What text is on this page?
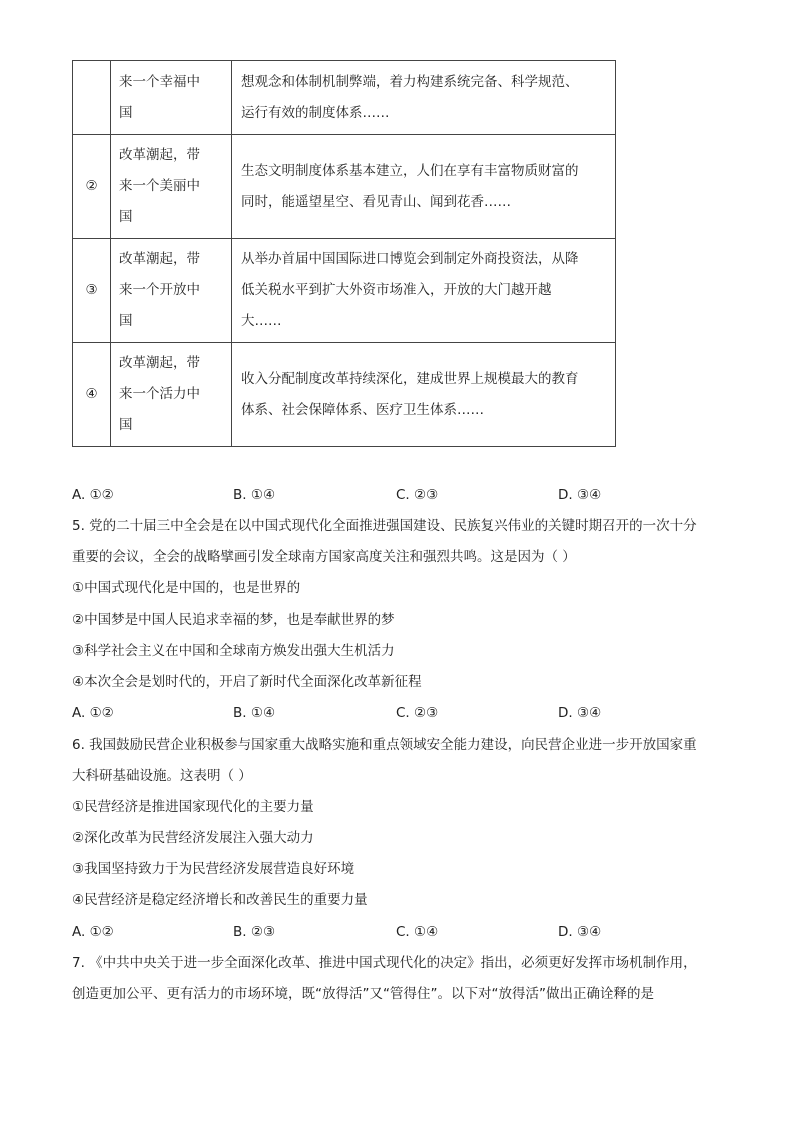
	来一个幸福中
国	想观念和体制机制弊端，着力构建系统完备、科学规范、
运行有效的制度体系……

②	改革潮起，带
来一个美丽中
国	生态文明制度体系基本建立，人们在享有丰富物质财富的
同时，能遥望星空、看见青山、闻到花香……

③	改革潮起，带
来一个开放中
国	从举办首届中国国际进口博览会到制定外商投资法，从降
低关税水平到扩大外资市场准入，开放的大门越开越
大……

④	改革潮起，带
来一个活力中
国	收入分配制度改革持续深化，建成世界上规模最大的教育
体系、社会保障体系、医疗卫生体系……
A. ①②	B. ①④	C. ②③	D. ③④
5. 党的二十届三中全会是在以中国式现代化全面推进强国建设、民族复兴伟业的关键时期召开的一次十分
重要的会议，全会的战略擘画引发全球南方国家高度关注和强烈共鸣。这是因为（ ）
①中国式现代化是中国的，也是世界的
②中国梦是中国人民追求幸福的梦，也是奉献世界的梦
③科学社会主义在中国和全球南方焕发出强大生机活力
④本次全会是划时代的，开启了新时代全面深化改革新征程
A. ①②	B. ①④	C. ②③	D. ③④
6. 我国鼓励民营企业积极参与国家重大战略实施和重点领域安全能力建设，向民营企业进一步开放国家重
大科研基础设施。这表明（ ）
①民营经济是推进国家现代化的主要力量
②深化改革为民营经济发展注入强大动力
③我国坚持致力于为民营经济发展营造良好环境
④民营经济是稳定经济增长和改善民生的重要力量
A. ①②	B. ②③	C. ①④	D. ③④
7. 《中共中央关于进一步全面深化改革、推进中国式现代化的决定》指出，必须更好发挥市场机制作用，
创造更加公平、更有活力的市场环境，既“放得活”又“管得住”。以下对“放得活”做出正确诠释的是
